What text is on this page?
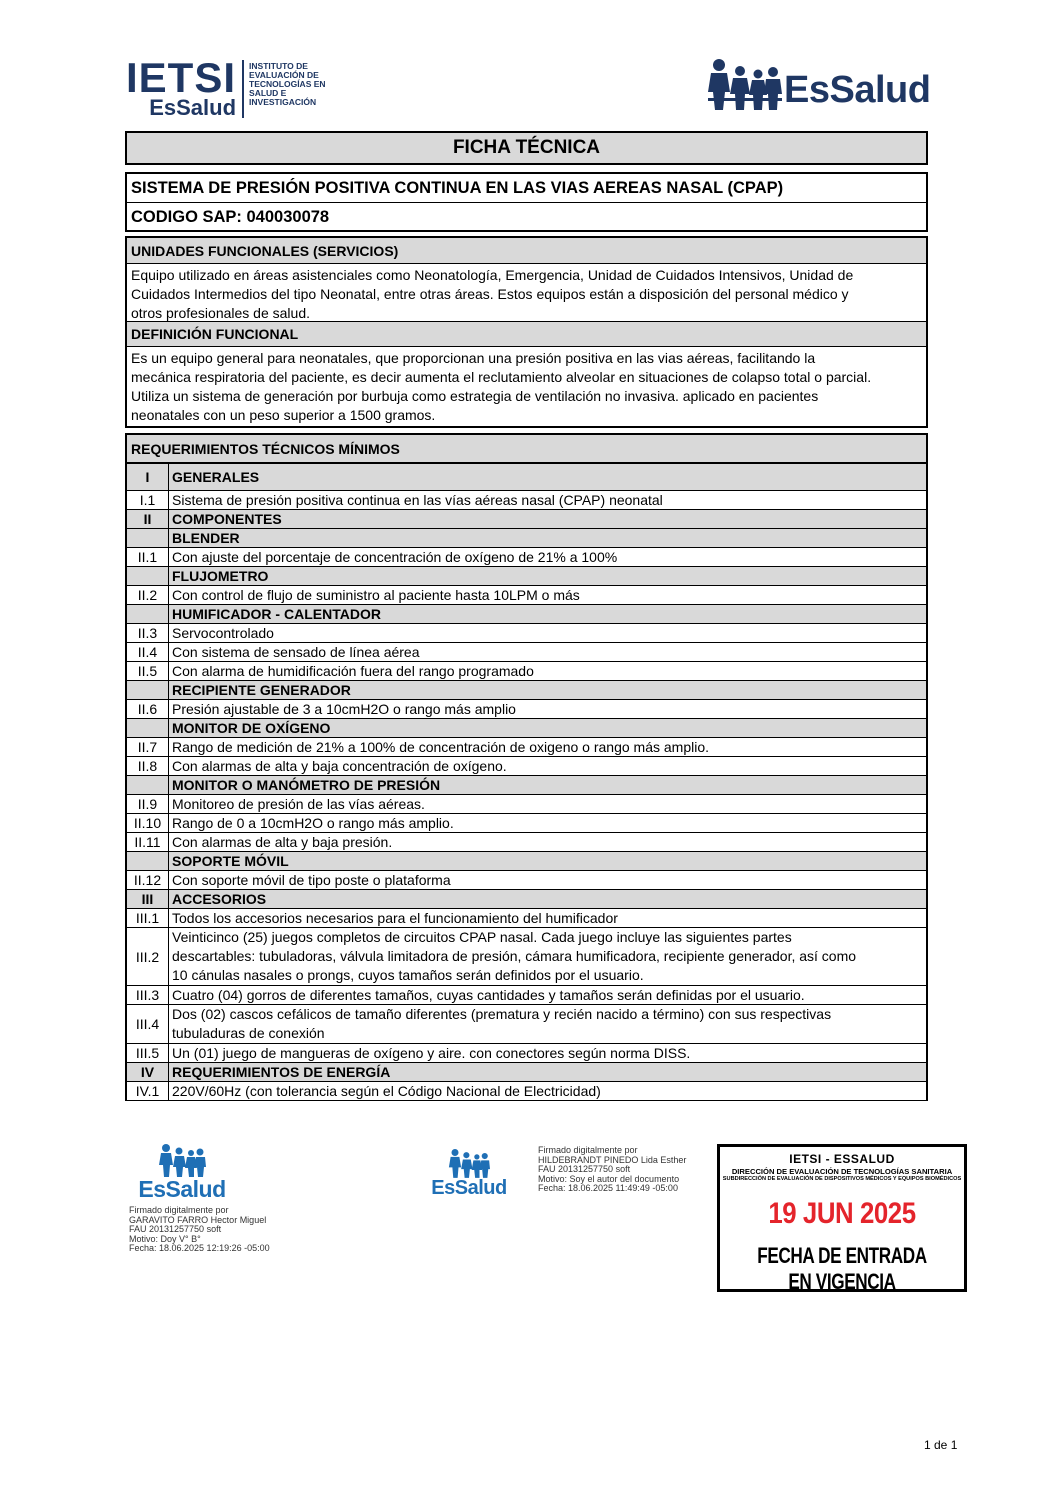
IETSI
EsSalud
INSTITUTO DE
EVALUACIÓN DE
TECNOLOGÍAS EN
SALUD E
INVESTIGACIÓN	EsSalud
FICHA TÉCNICA
SISTEMA DE PRESIÓN POSITIVA CONTINUA EN LAS VIAS AEREAS NASAL (CPAP)
CODIGO SAP: 040030078
UNIDADES FUNCIONALES (SERVICIOS)
Equipo utilizado en áreas asistenciales como Neonatología, Emergencia, Unidad de Cuidados Intensivos, Unidad de
Cuidados Intermedios del tipo Neonatal, entre otras áreas. Estos equipos están a disposición del personal médico y
otros profesionales de salud.
DEFINICIÓN FUNCIONAL
Es un equipo general para neonatales, que proporcionan una presión positiva en las vias aéreas, facilitando la
mecánica respiratoria del paciente, es decir aumenta el reclutamiento alveolar en situaciones de colapso total o parcial.
Utiliza un sistema de generación por burbuja como estrategia de ventilación no invasiva. aplicado en pacientes
neonatales con un peso superior a 1500 gramos.
REQUERIMIENTOS TÉCNICOS MÍNIMOS
I	GENERALES
I.1	Sistema de presión positiva continua en las vías aéreas nasal (CPAP) neonatal
II	COMPONENTES
	BLENDER
II.1	Con ajuste del porcentaje de concentración de oxígeno de 21% a 100%
	FLUJOMETRO
II.2	Con control de flujo de suministro al paciente hasta 10LPM o más
	HUMIFICADOR - CALENTADOR
II.3	Servocontrolado
II.4	Con sistema de sensado de línea aérea
II.5	Con alarma de humidificación fuera del rango programado
	RECIPIENTE GENERADOR
II.6	Presión ajustable de 3 a 10cmH2O o rango más amplio
	MONITOR DE OXÍGENO
II.7	Rango de medición de 21% a 100% de concentración de oxigeno o rango más amplio.
II.8	Con alarmas de alta y baja concentración de oxígeno.
	MONITOR O MANÓMETRO DE PRESIÓN
II.9	Monitoreo de presión de las vías aéreas.
II.10	Rango de 0 a 10cmH2O o rango más amplio.
II.11	Con alarmas de alta y baja presión.
	SOPORTE MÓVIL
II.12	Con soporte móvil de tipo poste o plataforma
III	ACCESORIOS
III.1	Todos los accesorios necesarios para el funcionamiento del humificador
III.2	Veinticinco (25) juegos completos de circuitos CPAP nasal. Cada juego incluye las siguientes partes
descartables: tubuladoras, válvula limitadora de presión, cámara humificadora, recipiente generador, así como
10 cánulas nasales o prongs, cuyos tamaños serán definidos por el usuario.

III.3	Cuatro (04) gorros de diferentes tamaños, cuyas cantidades y tamaños serán definidas por el usuario.
III.4	Dos (02) cascos cefálicos de tamaño diferentes (prematura y recién nacido a término) con sus respectivas
tubuladuras de conexión

III.5	Un (01) juego de mangueras de oxígeno y aire. con conectores según norma DISS.
IV	REQUERIMIENTOS DE ENERGÍA
IV.1	220V/60Hz (con tolerancia según el Código Nacional de Electricidad)
EsSalud
Firmado digitalmente por
GARAVITO FARRO Hector Miguel
FAU 20131257750 soft
Motivo: Doy V° B°
Fecha: 18.06.2025 12:19:26 -05:00
EsSalud
Firmado digitalmente por
HILDEBRANDT PINEDO Lida Esther
FAU 20131257750 soft
Motivo: Soy el autor del documento
Fecha: 18.06.2025 11:49:49 -05:00
IETSI - ESSALUD
DIRECCIÓN DE EVALUACIÓN DE TECNOLOGÍAS SANITARIA
SUBDIRECCIÓN DE EVALUACIÓN DE DISPOSITIVOS MÉDICOS Y EQUIPOS BIOMÉDICOS
19 JUN 2025
FECHA DE ENTRADA EN VIGENCIA
1 de 1
